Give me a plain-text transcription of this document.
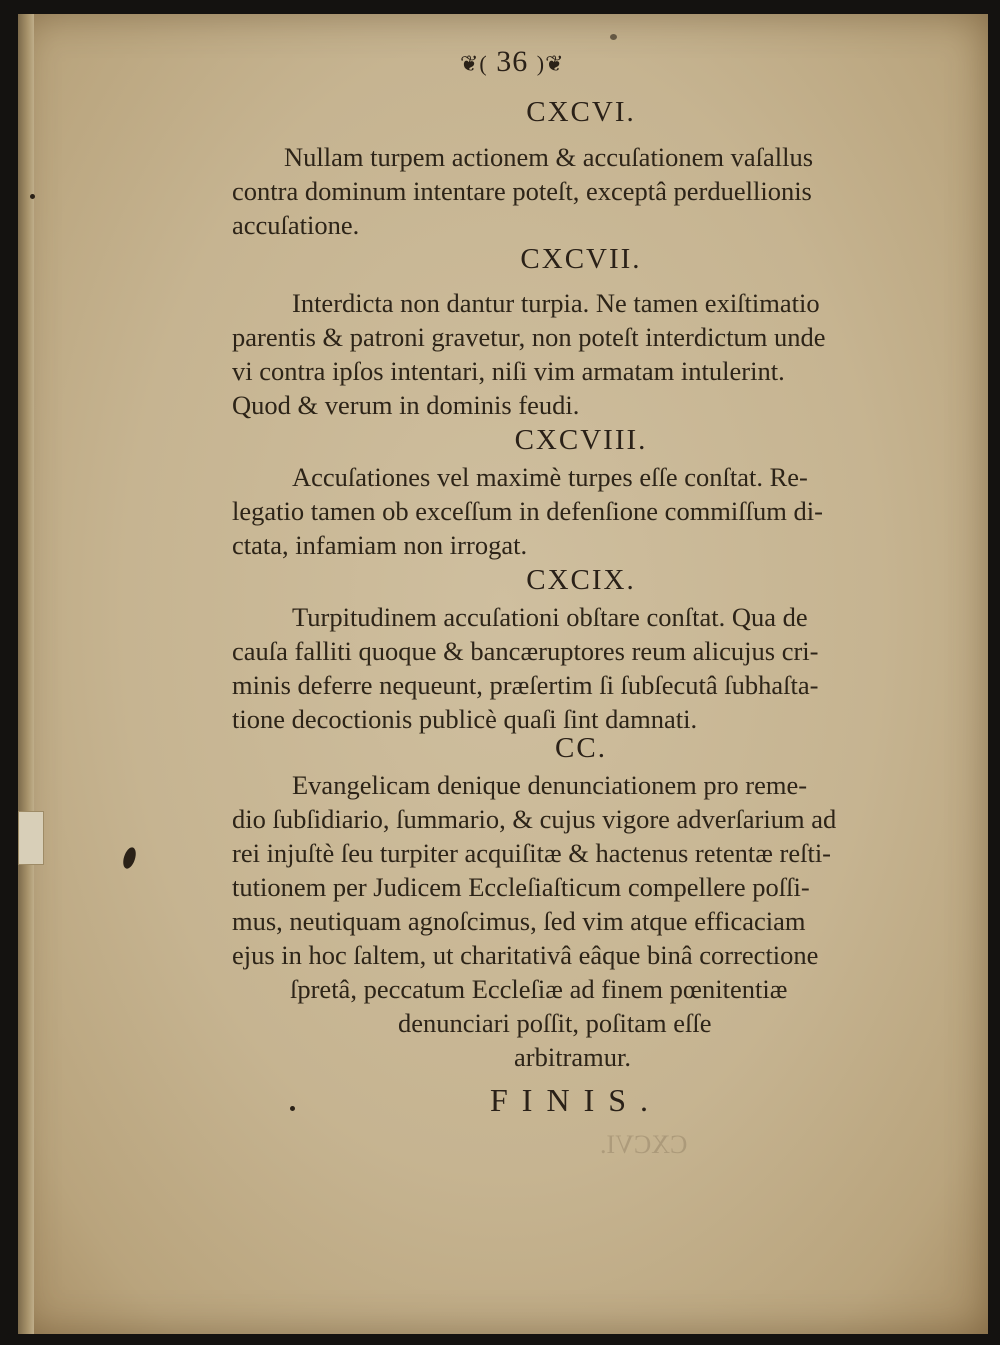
CXCVI.
❦( 36 )❦
CXCVI.
Nullam turpem actionem & accuſationem vaſallus
contra dominum intentare poteſt, exceptâ perduellionis
accuſatione.
CXCVII.
Interdicta non dantur turpia. Ne tamen exiſtimatio
parentis & patroni gravetur, non poteſt interdictum unde
vi contra ipſos intentari, niſi vim armatam intulerint.
Quod & verum in dominis feudi.
CXCVIII.
Accuſationes vel maximè turpes eſſe conſtat. Re-
legatio tamen ob exceſſum in defenſione commiſſum di-
ctata, infamiam non irrogat.
CXCIX.
Turpitudinem accuſationi obſtare conſtat. Qua de
cauſa falliti quoque & bancæruptores reum alicujus cri-
minis deferre nequeunt, præſertim ſi ſubſecutâ ſubhaſta-
tione decoctionis publicè quaſi ſint damnati.
CC.
Evangelicam denique denunciationem pro reme-
dio ſubſidiario, ſummario, & cujus vigore adverſarium ad
rei injuſtè ſeu turpiter acquiſitæ & hactenus retentæ reſti-
tutionem per Judicem Eccleſiaſticum compellere poſſi-
mus, neutiquam agnoſcimus, ſed vim atque efficaciam
ejus in hoc ſaltem, ut charitativâ eâque binâ correctione
ſpretâ, peccatum Eccleſiæ ad finem pœnitentiæ
denunciari poſſit, poſitam eſſe
arbitramur.
FINIS.
